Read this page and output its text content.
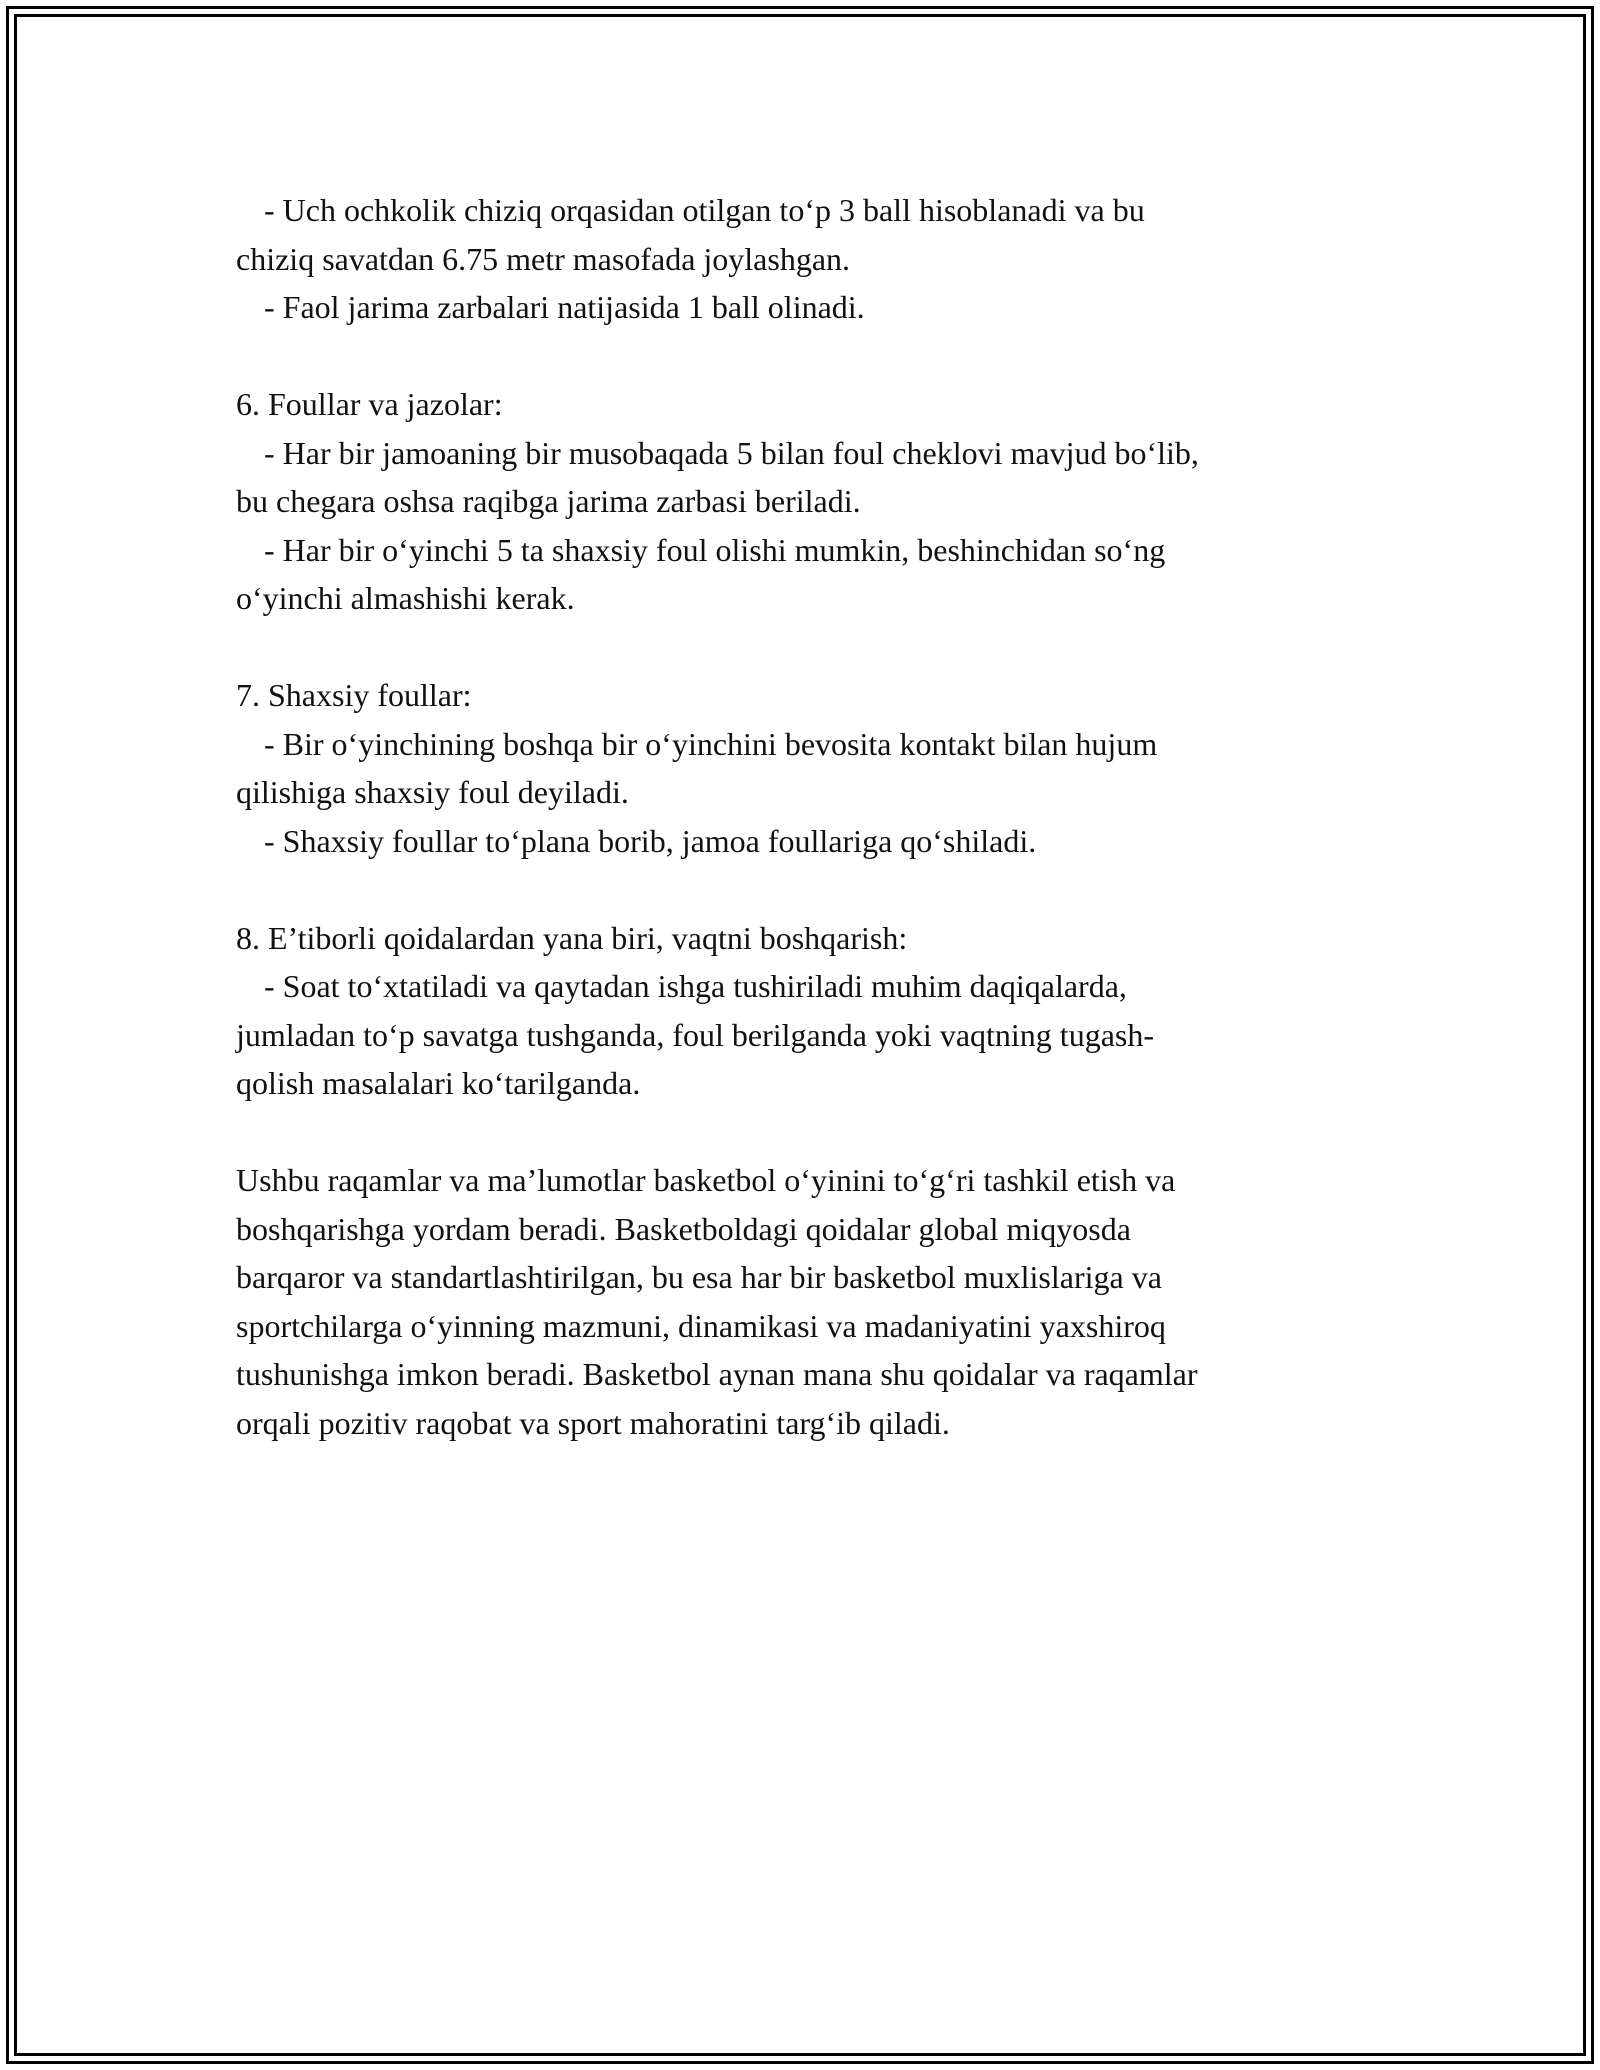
- Uch ochkolik chiziq orqasidan otilgan to‘p 3 ball hisoblanadi va bu
chiziq savatdan 6.75 metr masofada joylashgan.
- Faol jarima zarbalari natijasida 1 ball olinadi.
6. Foullar va jazolar:
- Har bir jamoaning bir musobaqada 5 bilan foul cheklovi mavjud bo‘lib,
bu chegara oshsa raqibga jarima zarbasi beriladi.
- Har bir o‘yinchi 5 ta shaxsiy foul olishi mumkin, beshinchidan so‘ng
o‘yinchi almashishi kerak.
7. Shaxsiy foullar:
- Bir o‘yinchining boshqa bir o‘yinchini bevosita kontakt bilan hujum
qilishiga shaxsiy foul deyiladi.
- Shaxsiy foullar to‘plana borib, jamoa foullariga qo‘shiladi.
8. E’tiborli qoidalardan yana biri, vaqtni boshqarish:
- Soat to‘xtatiladi va qaytadan ishga tushiriladi muhim daqiqalarda,
jumladan to‘p savatga tushganda, foul berilganda yoki vaqtning tugash-
qolish masalalari ko‘tarilganda.
Ushbu raqamlar va ma’lumotlar basketbol o‘yinini to‘g‘ri tashkil etish va
boshqarishga yordam beradi. Basketboldagi qoidalar global miqyosda
barqaror va standartlashtirilgan, bu esa har bir basketbol muxlislariga va
sportchilarga o‘yinning mazmuni, dinamikasi va madaniyatini yaxshiroq
tushunishga imkon beradi. Basketbol aynan mana shu qoidalar va raqamlar
orqali pozitiv raqobat va sport mahoratini targ‘ib qiladi.
